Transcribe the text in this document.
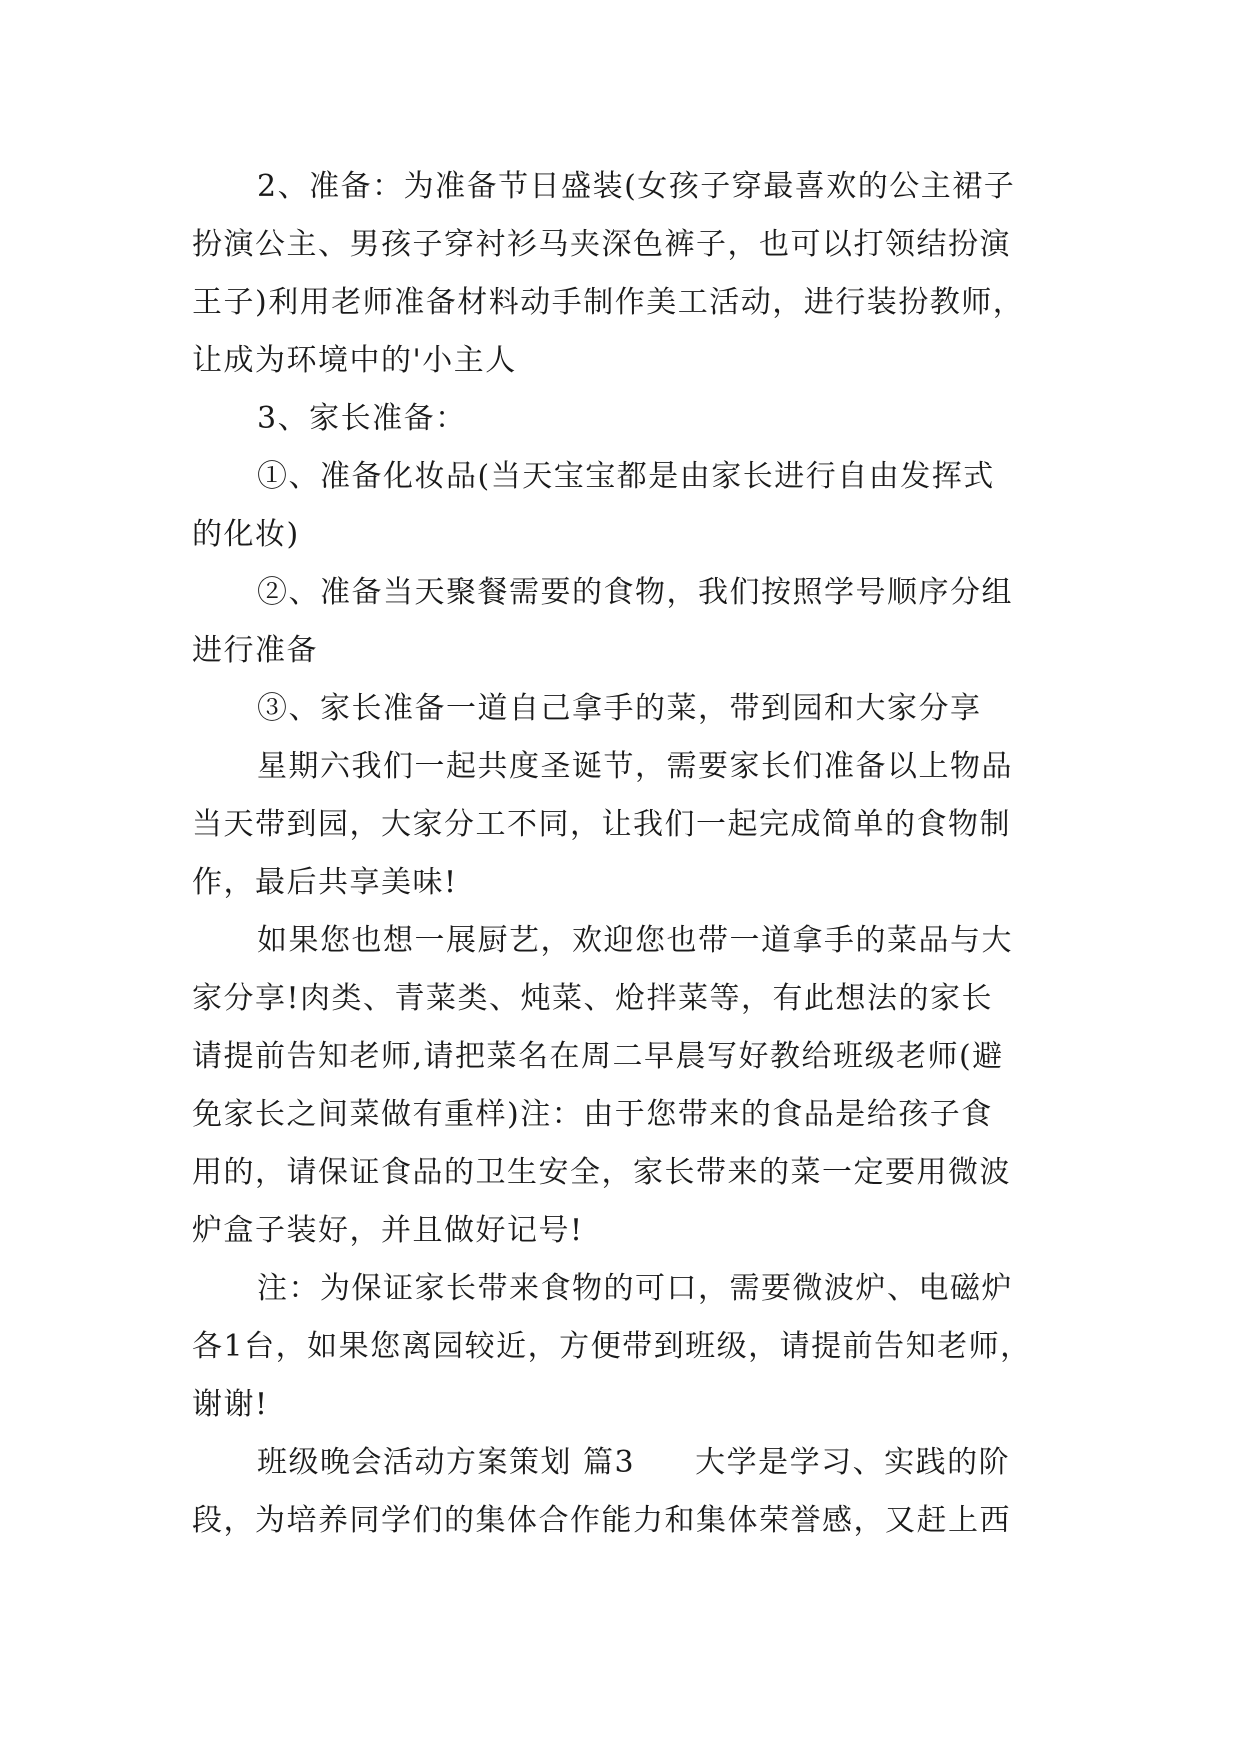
2、准备：为准备节日盛装(女孩子穿最喜欢的公主裙子
扮演公主、男孩子穿衬衫马夹深色裤子，也可以打领结扮演
王子)利用老师准备材料动手制作美工活动，进行装扮教师，
让成为环境中的'小主人

3、家长准备：

①、准备化妆品(当天宝宝都是由家长进行自由发挥式
的化妆)

②、准备当天聚餐需要的食物，我们按照学号顺序分组
进行准备

③、家长准备一道自己拿手的菜，带到园和大家分享

星期六我们一起共度圣诞节，需要家长们准备以上物品
当天带到园，大家分工不同，让我们一起完成简单的食物制
作，最后共享美味!

如果您也想一展厨艺，欢迎您也带一道拿手的菜品与大
家分享!肉类、青菜类、炖菜、炝拌菜等，有此想法的家长
请提前告知老师,请把菜名在周二早晨写好教给班级老师(避
免家长之间菜做有重样)注：由于您带来的食品是给孩子食
用的，请保证食品的卫生安全，家长带来的菜一定要用微波
炉盒子装好，并且做好记号!

注：为保证家长带来食物的可口，需要微波炉、电磁炉
各1台，如果您离园较近，方便带到班级，请提前告知老师，
谢谢!

班级晚会活动方案策划 篇3 大学是学习、实践的阶
段，为培养同学们的集体合作能力和集体荣誉感，又赶上西
